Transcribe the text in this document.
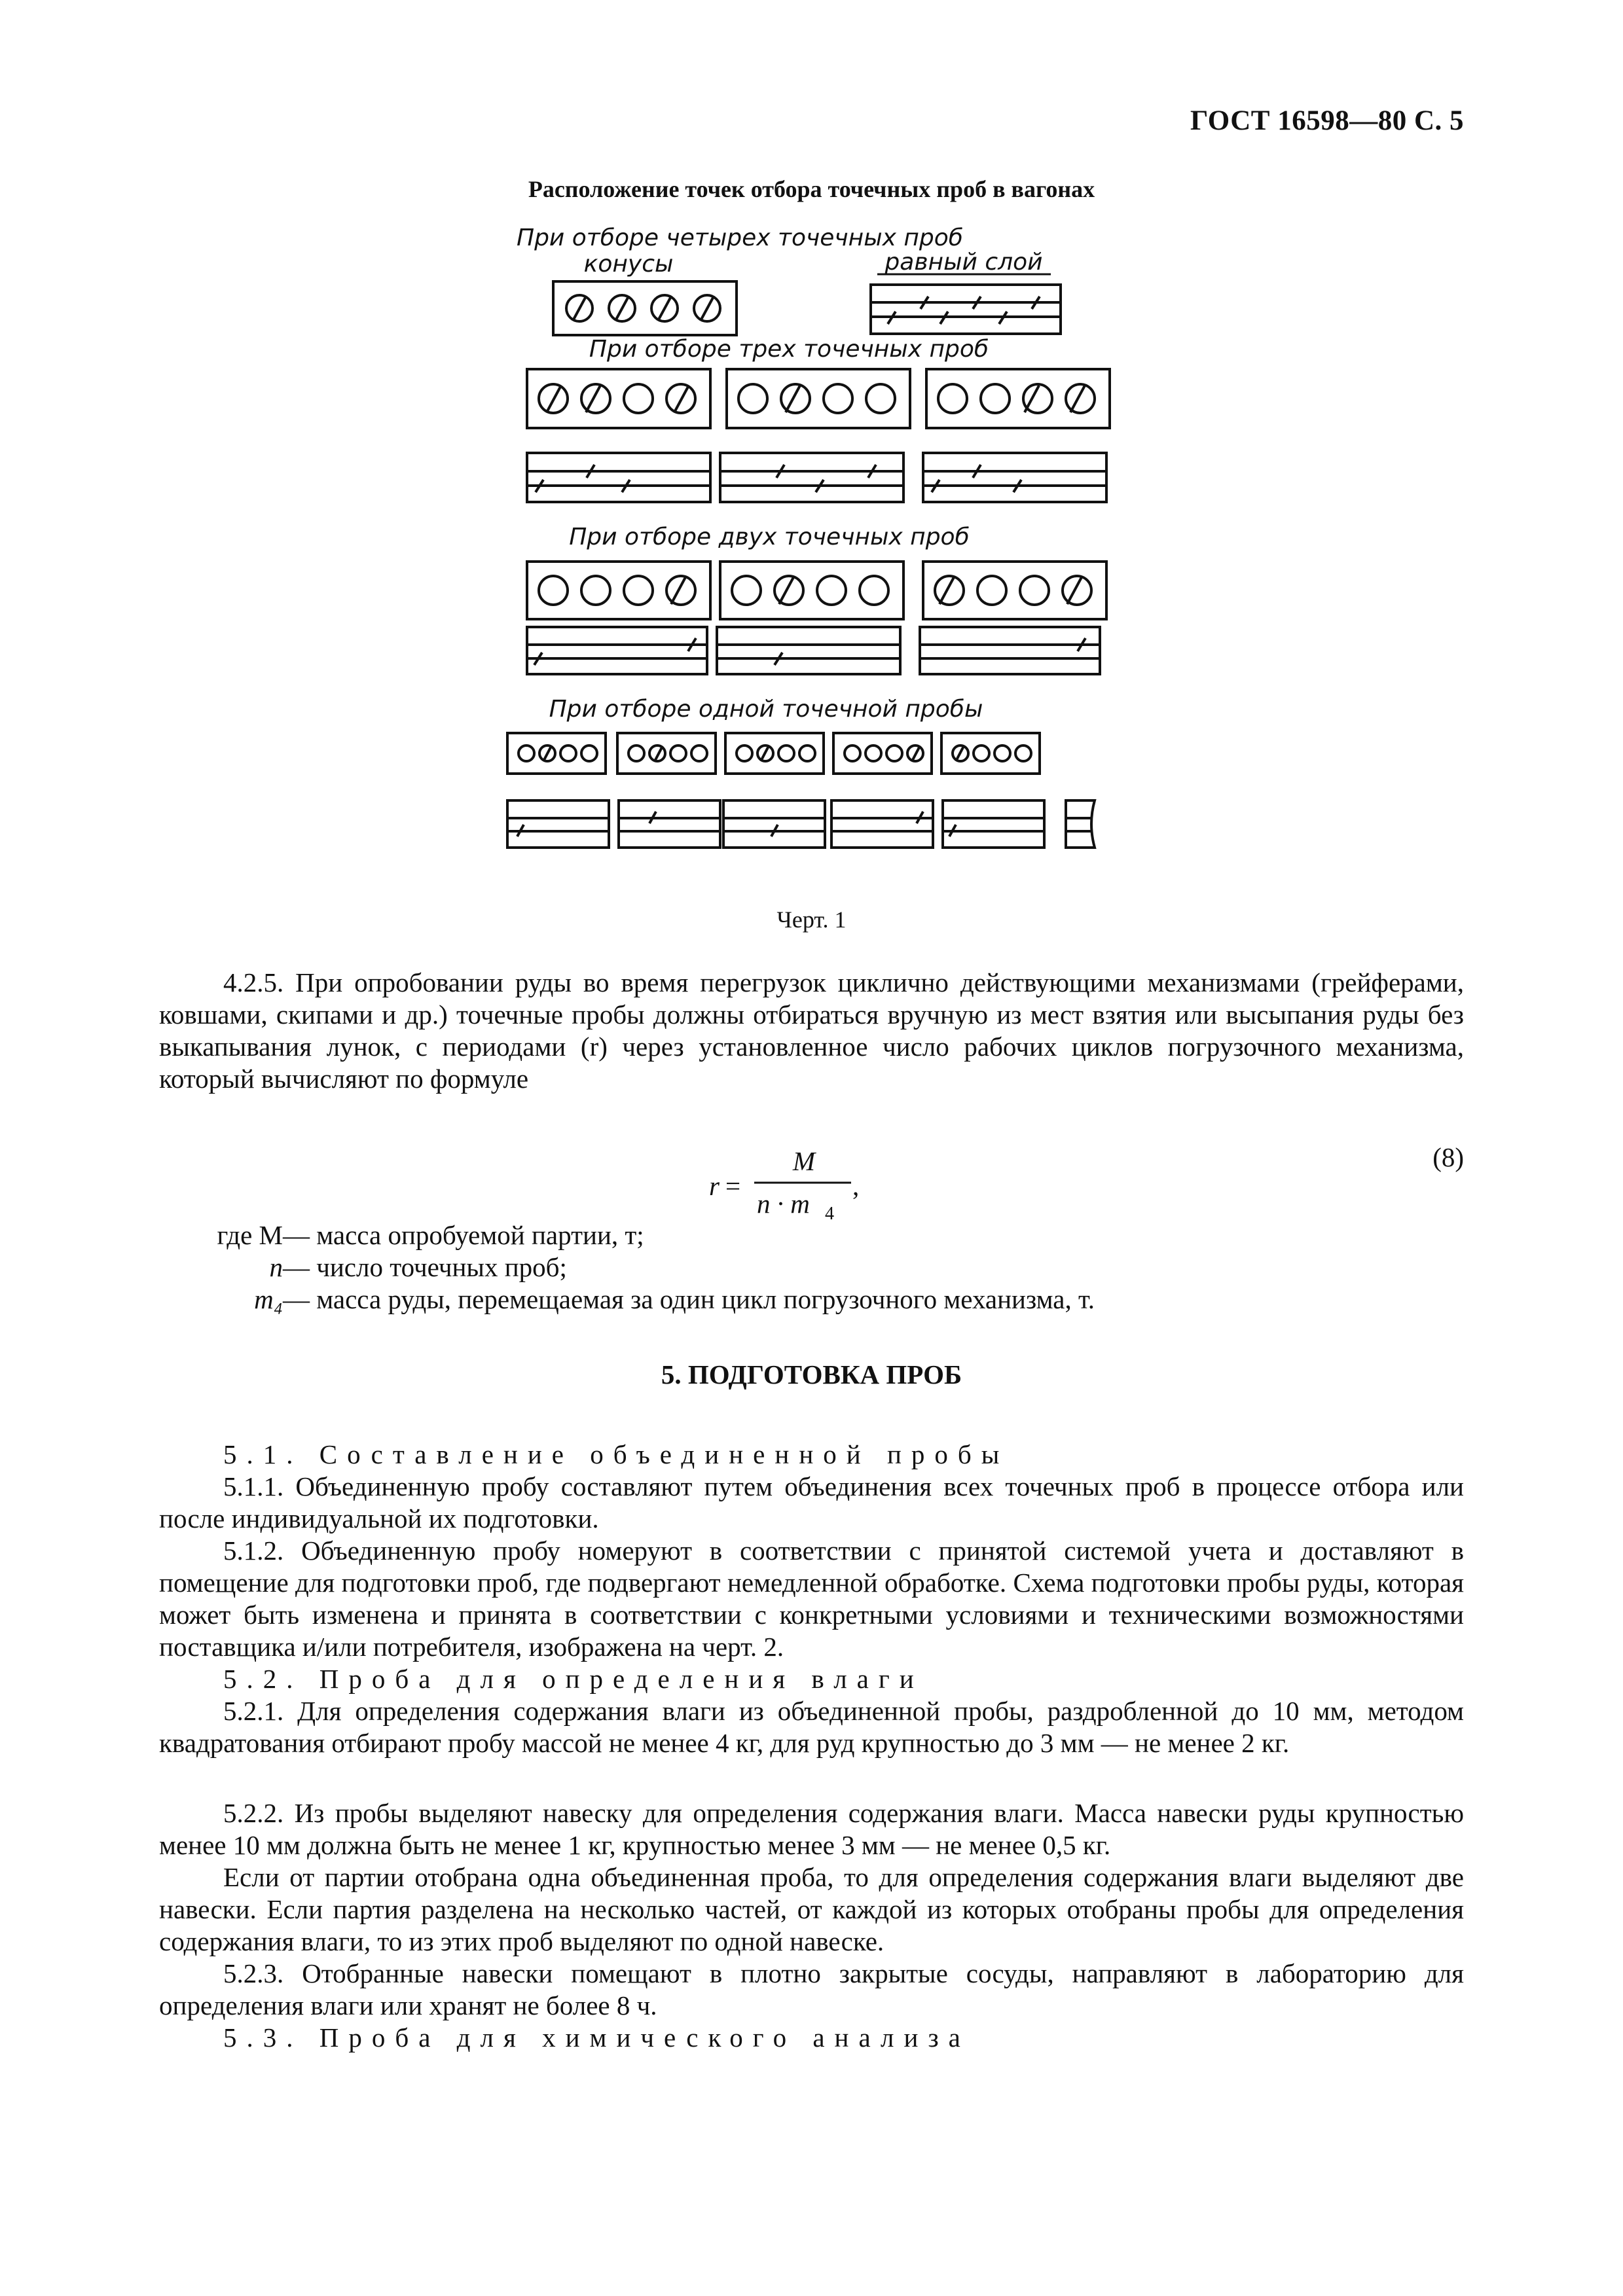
ГОСТ 16598—80 С. 5
Расположение точек отбора точечных проб в вагонах
При отборе четырех точечных проб
конусы	равный слой
При отборе трех точечных проб
При отборе двух точечных проб
При отборе одной точечной пробы
Черт. 1
4.2.5. При опробовании руды во время перегрузок циклично действующими механизмами (грейферами, ковшами, скипами и др.) точечные пробы должны отбираться вручную из мест взятия или высыпания руды без выкапывания лунок, с периодами (r) через установленное число рабочих циклов погрузочного механизма, который вычисляют по формуле
r =
M
n · m 4
,
(8)
где M — масса опробуемой партии, т;
n — число точечных проб;
m₄ — масса руды, перемещаемая за один цикл погрузочного механизма, т.
5. ПОДГОТОВКА ПРОБ
5.1. Составление объединенной пробы
5.1.1. Объединенную пробу составляют путем объединения всех точечных проб в процессе отбора или после индивидуальной их подготовки.
5.1.2. Объединенную пробу номеруют в соответствии с принятой системой учета и доставляют в помещение для подготовки проб, где подвергают немедленной обработке. Схема подготовки пробы руды, которая может быть изменена и принята в соответствии с конкретными условиями и техническими возможностями поставщика и/или потребителя, изображена на черт. 2.
5.2. Проба для определения влаги
5.2.1. Для определения содержания влаги из объединенной пробы, раздробленной до 10 мм, методом квадратования отбирают пробу массой не менее 4 кг, для руд крупностью до 3 мм — не менее 2 кг.
5.2.2. Из пробы выделяют навеску для определения содержания влаги. Масса навески руды крупностью менее 10 мм должна быть не менее 1 кг, крупностью менее 3 мм — не менее 0,5 кг.
Если от партии отобрана одна объединенная проба, то для определения содержания влаги выделяют две навески. Если партия разделена на несколько частей, от каждой из которых отобраны пробы для определения содержания влаги, то из этих проб выделяют по одной навеске.
5.2.3. Отобранные навески помещают в плотно закрытые сосуды, направляют в лабораторию для определения влаги или хранят не более 8 ч.
5.3. Проба для химического анализа
